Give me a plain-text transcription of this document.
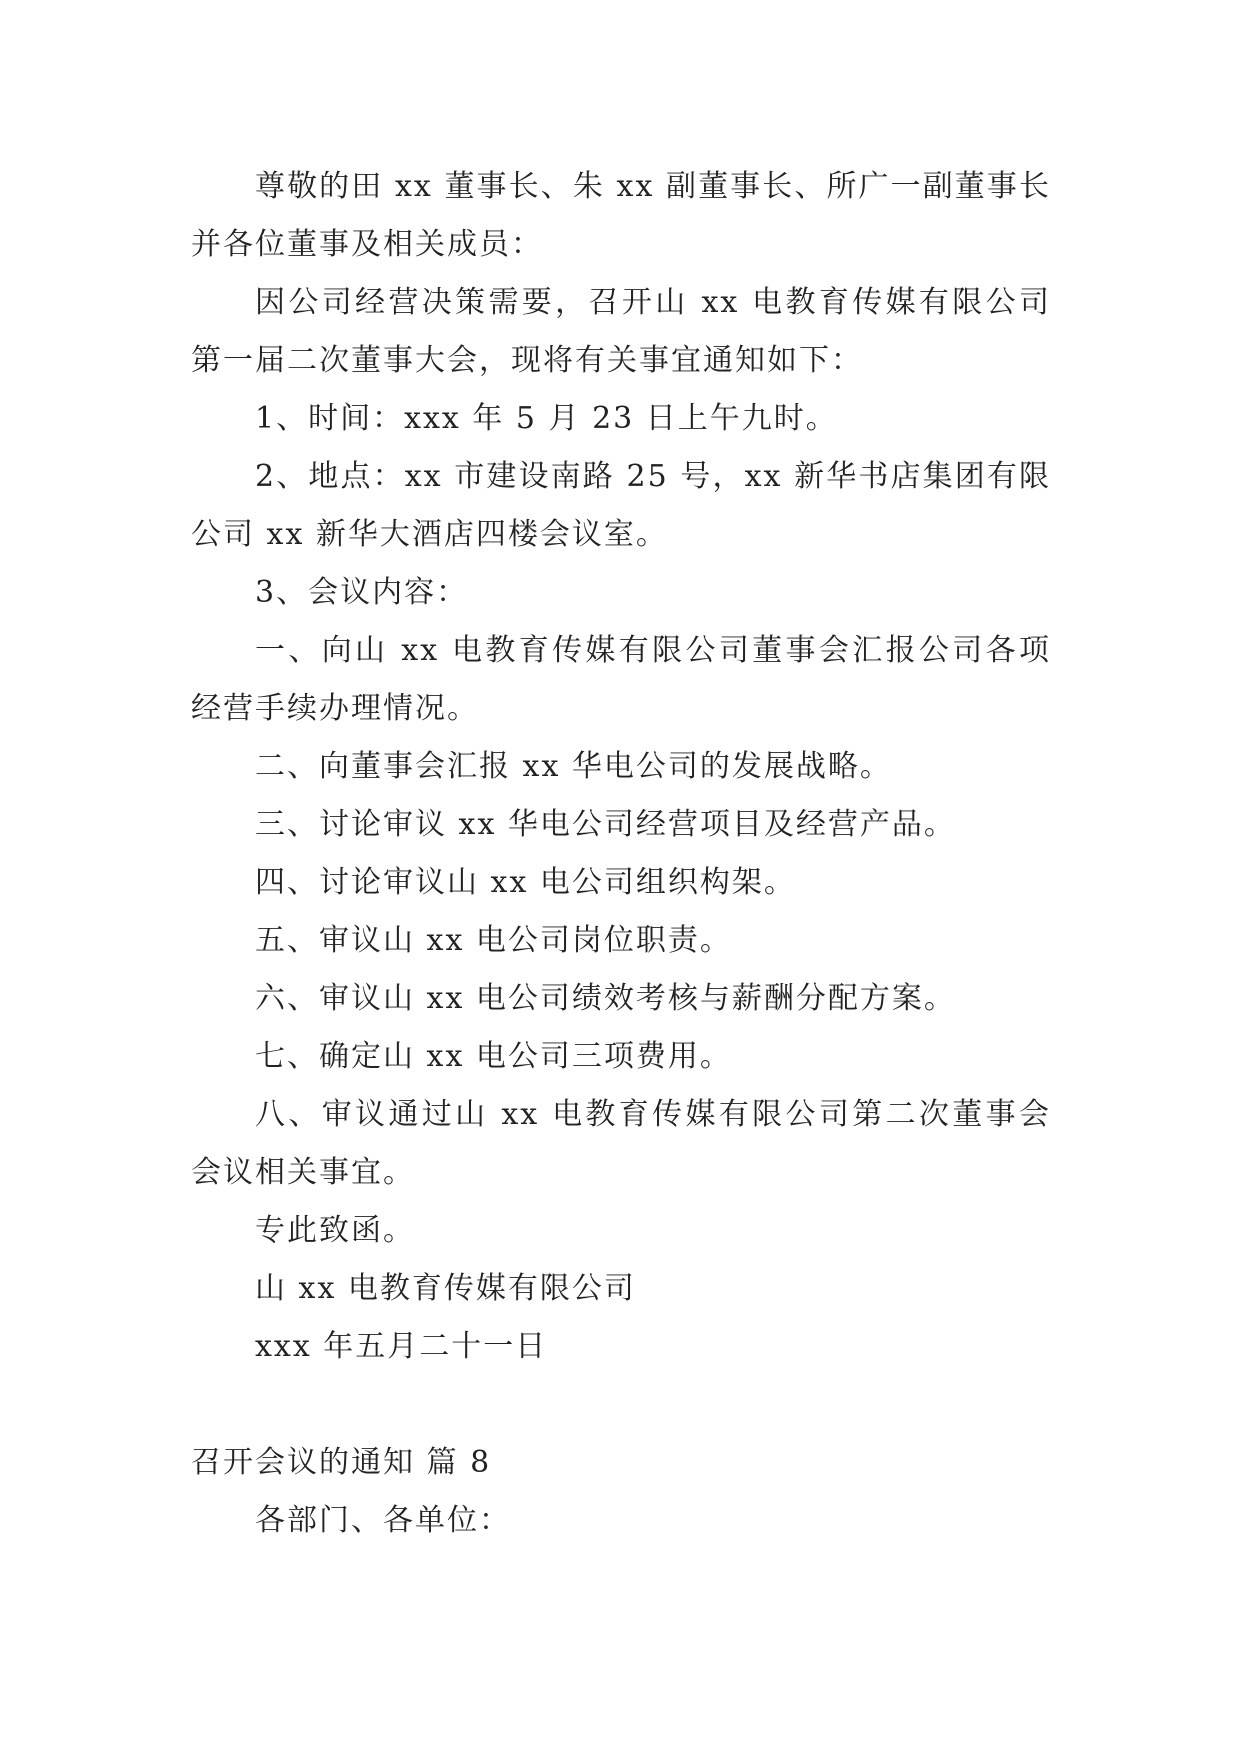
尊敬的田 xx 董事长、朱 xx 副董事长、所广一副董事长并各位董事及相关成员：

因公司经营决策需要，召开山 xx 电教育传媒有限公司第一届二次董事大会，现将有关事宜通知如下：

1、时间：xxx 年 5 月 23 日上午九时。

2、地点：xx 市建设南路 25 号，xx 新华书店集团有限公司 xx 新华大酒店四楼会议室。

3、会议内容：

一、向山 xx 电教育传媒有限公司董事会汇报公司各项经营手续办理情况。

二、向董事会汇报 xx 华电公司的发展战略。

三、讨论审议 xx 华电公司经营项目及经营产品。

四、讨论审议山 xx 电公司组织构架。

五、审议山 xx 电公司岗位职责。

六、审议山 xx 电公司绩效考核与薪酬分配方案。

七、确定山 xx 电公司三项费用。

八、审议通过山 xx 电教育传媒有限公司第二次董事会会议相关事宜。

专此致函。

山 xx 电教育传媒有限公司

xxx 年五月二十一日

召开会议的通知 篇 8

各部门、各单位：
